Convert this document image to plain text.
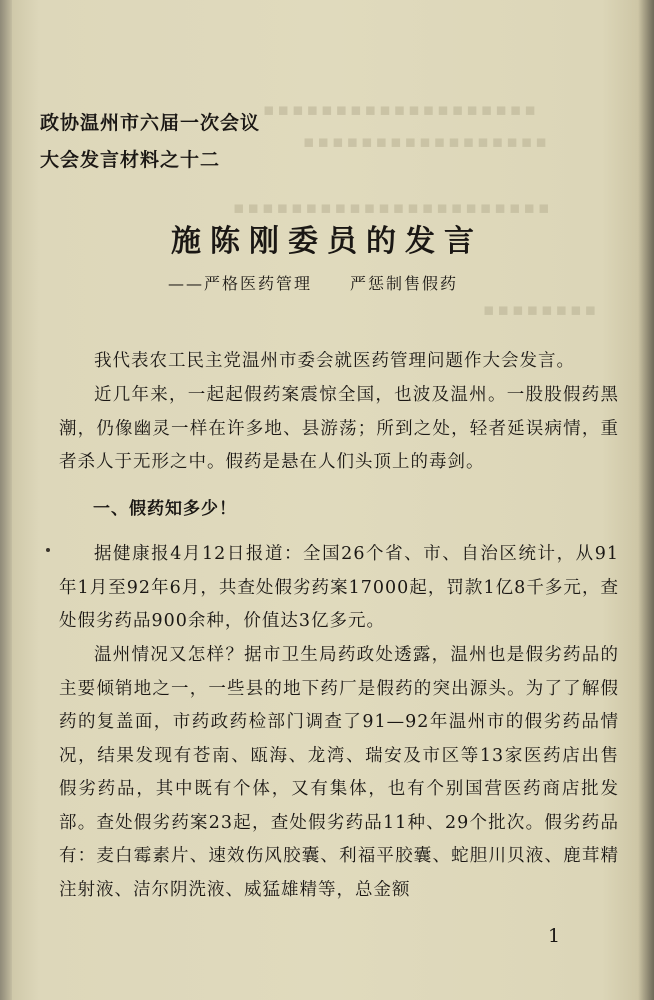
▪▪▪▪▪▪▪▪▪▪▪▪▪▪▪▪▪▪▪
▪▪▪▪▪▪▪▪▪▪▪▪▪▪▪▪▪
▪▪▪▪▪▪▪▪▪▪▪▪▪▪▪▪▪▪▪▪▪▪
▪▪▪▪▪▪▪▪
政协温州市六届一次会议
大会发言材料之十二
施陈刚委员的发言
——严格医药管理 严惩制售假药

我代表农工民主党温州市委会就医药管理问题作大会发言。

近几年来，一起起假药案震惊全国，也波及温州。一股股假药黑潮，仍像幽灵一样在许多地、县游荡；所到之处，轻者延误病情，重者杀人于无形之中。假药是悬在人们头顶上的毒剑。

一、假药知多少！

据健康报4月12日报道：全国26个省、市、自治区统计，从91年1月至92年6月，共查处假劣药案17000起，罚款1亿8千多元，查处假劣药品900余种，价值达3亿多元。

温州情况又怎样？据市卫生局药政处透露，温州也是假劣药品的主要倾销地之一，一些县的地下药厂是假药的突出源头。为了了解假药的复盖面，市药政药检部门调查了91—92年温州市的假劣药品情况，结果发现有苍南、瓯海、龙湾、瑞安及市区等13家医药店出售假劣药品，其中既有个体，又有集体，也有个别国营医药商店批发部。查处假劣药案23起，查处假劣药品11种、29个批次。假劣药品有：麦白霉素片、速效伤风胶囊、利福平胶囊、蛇胆川贝液、鹿茸精注射液、洁尔阴洗液、威猛雄精等，总金额

1
